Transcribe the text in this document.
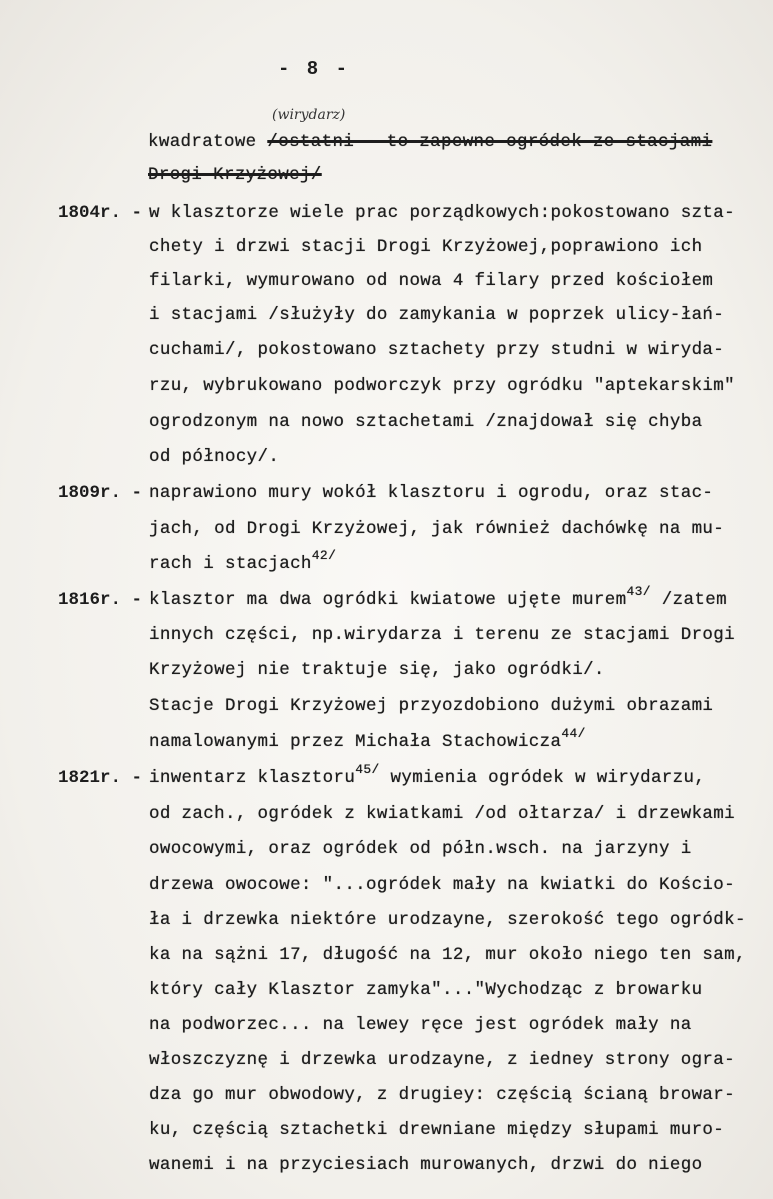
- 8 -
(wirydarz)
kwadratowe /ostatni - to zapewne ogródek ze stacjami
Drogi Krzyżowej/
1804r. - w klasztorze wiele prac porządkowych:pokostowano szta-
chety i drzwi stacji Drogi Krzyżowej,poprawiono ich
filarki, wymurowano od nowa 4 filary przed kościołem
i stacjami /służyły do zamykania w poprzek ulicy-łań-
cuchami/, pokostowano sztachety przy studni w wiryda-
rzu, wybrukowano podworczyk przy ogródku "aptekarskim"
ogrodzonym na nowo sztachetami /znajdował się chyba
od północy/.
1809r. - naprawiono mury wokół klasztoru i ogrodu, oraz stac-
jach, od Drogi Krzyżowej, jak również dachówkę na mu-
rach i stacjach$^{42/}$
1816r. - klasztor ma dwa ogródki kwiatowe ujęte murem$^{43/}$ /zatem
innych części, np.wirydarza i terenu ze stacjami Drogi
Krzyżowej nie traktuje się, jako ogródki/.
Stacje Drogi Krzyżowej przyozdobiono dużymi obrazami
namalowanymi przez Michała Stachowicza$^{44/}$
1821r. - inwentarz klasztoru$^{45/}$ wymienia ogródek w wirydarzu,
od zach., ogródek z kwiatkami /od ołtarza/ i drzewkami
owocowymi, oraz ogródek od półn.wsch. na jarzyny i
drzewa owocowe: "...ogródek mały na kwiatki do Kościo-
ła i drzewka niektóre urodzayne, szerokość tego ogródk-
ka na sążni 17, długość na 12, mur około niego ten sam,
który cały Klasztor zamyka"..."Wychodząc z browarku
na podworzec... na lewey ręce jest ogródek mały na
włoszczyznę i drzewka urodzayne, z iedney strony ogra-
dza go mur obwodowy, z drugiey: częścią ścianą browar-
ku, częścią sztachetki drewniane między słupami muro-
wanemi i na przyciesiach murowanych, drzwi do niego
